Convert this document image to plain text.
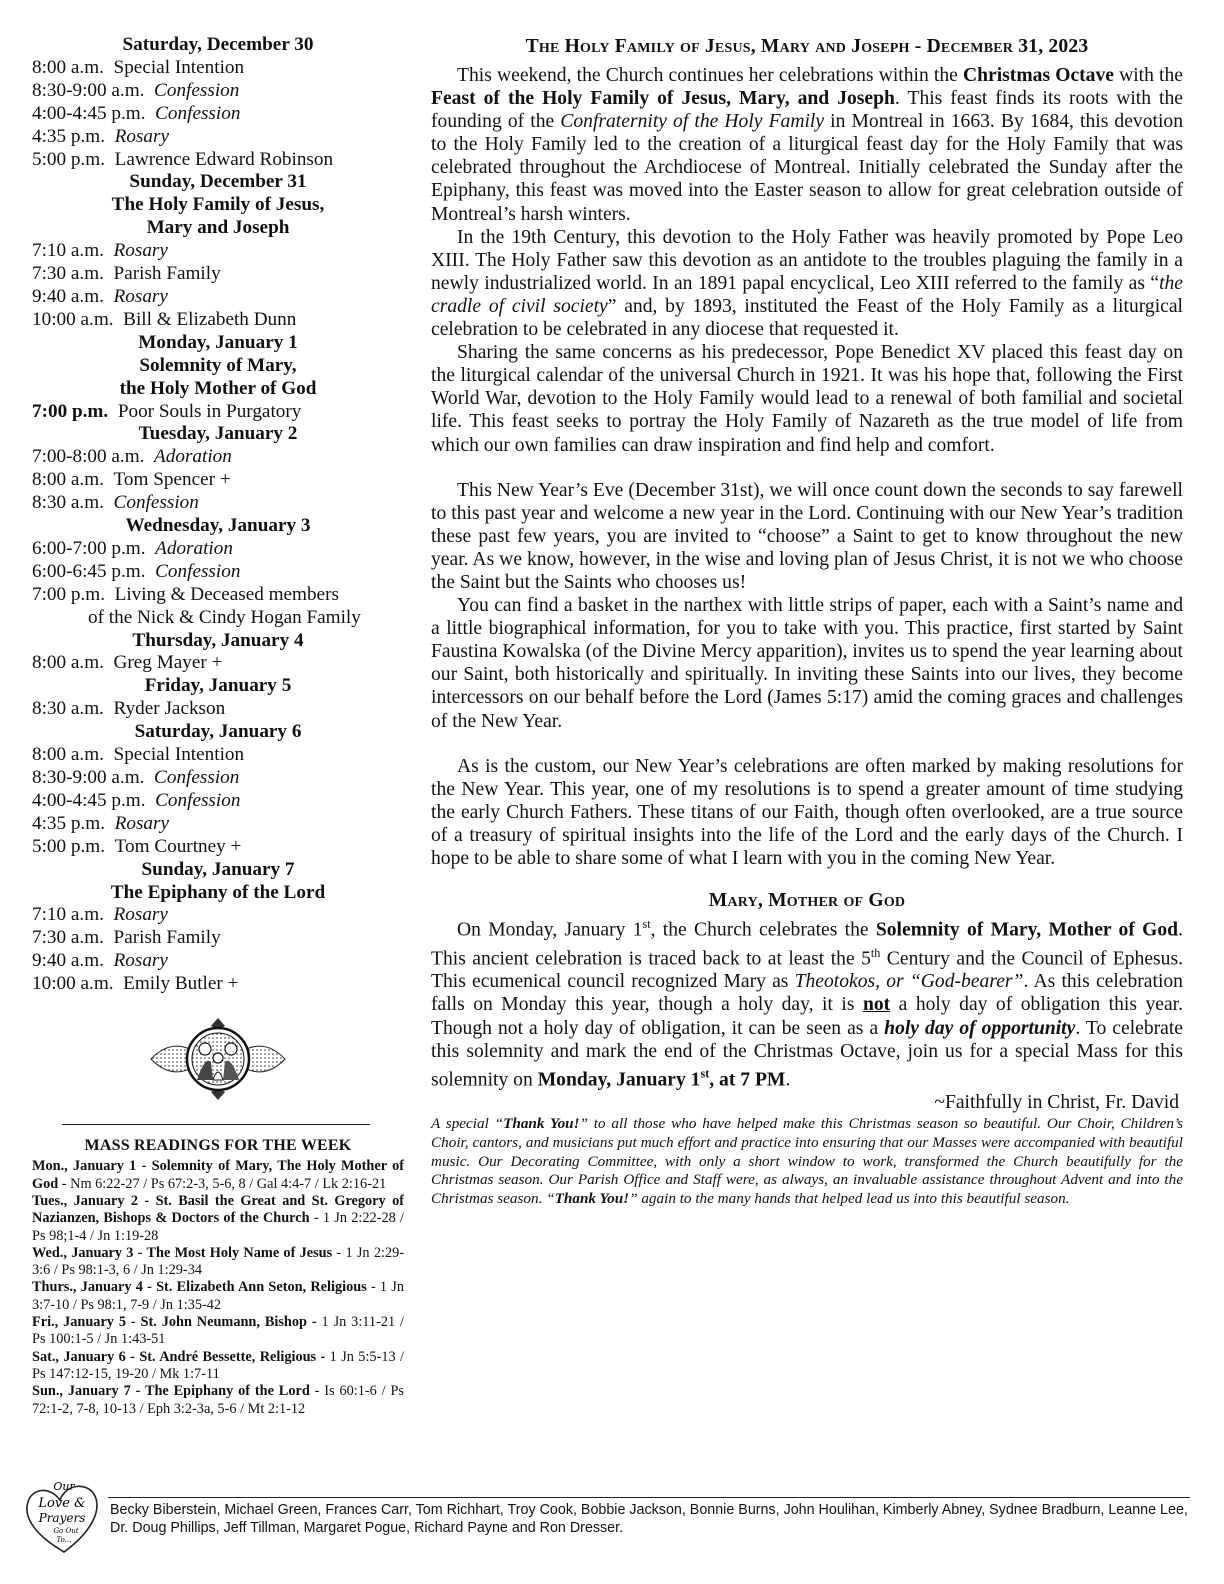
Saturday, December 30
8:00 a.m. Special Intention
8:30-9:00 a.m. Confession
4:00-4:45 p.m. Confession
4:35 p.m. Rosary
5:00 p.m. Lawrence Edward Robinson
Sunday, December 31
The Holy Family of Jesus,
Mary and Joseph
7:10 a.m. Rosary
7:30 a.m. Parish Family
9:40 a.m. Rosary
10:00 a.m. Bill & Elizabeth Dunn
Monday, January 1
Solemnity of Mary,
the Holy Mother of God
7:00 p.m. Poor Souls in Purgatory
Tuesday, January 2
7:00-8:00 a.m. Adoration
8:00 a.m. Tom Spencer +
8:30 a.m. Confession
Wednesday, January 3
6:00-7:00 p.m. Adoration
6:00-6:45 p.m. Confession
7:00 p.m. Living & Deceased members
of the Nick & Cindy Hogan Family
Thursday, January 4
8:00 a.m. Greg Mayer +
Friday, January 5
8:30 a.m. Ryder Jackson
Saturday, January 6
8:00 a.m. Special Intention
8:30-9:00 a.m. Confession
4:00-4:45 p.m. Confession
4:35 p.m. Rosary
5:00 p.m. Tom Courtney +
Sunday, January 7
The Epiphany of the Lord
7:10 a.m. Rosary
7:30 a.m. Parish Family
9:40 a.m. Rosary
10:00 a.m. Emily Butler +
MASS READINGS FOR THE WEEK

Mon., January 1 - Solemnity of Mary, The Holy Mother of God - Nm 6:22-27 / Ps 67:2-3, 5-6, 8 / Gal 4:4-7 / Lk 2:16-21

Tues., January 2 - St. Basil the Great and St. Gregory of Nazianzen, Bishops & Doctors of the Church - 1 Jn 2:22-28 / Ps 98;1-4 / Jn 1:19-28

Wed., January 3 - The Most Holy Name of Jesus - 1 Jn 2:29-3:6 / Ps 98:1-3, 6 / Jn 1:29-34

Thurs., January 4 - St. Elizabeth Ann Seton, Religious - 1 Jn 3:7-10 / Ps 98:1, 7-9 / Jn 1:35-42

Fri., January 5 - St. John Neumann, Bishop - 1 Jn 3:11-21 / Ps 100:1-5 / Jn 1:43-51

Sat., January 6 - St. André Bessette, Religious - 1 Jn 5:5-13 / Ps 147:12-15, 19-20 / Mk 1:7-11

Sun., January 7 - The Epiphany of the Lord - Is 60:1-6 / Ps 72:1-2, 7-8, 10-13 / Eph 3:2-3a, 5-6 / Mt 2:1-12

The Holy Family of Jesus, Mary and Joseph - December 31, 2023

This weekend, the Church continues her celebrations within the Christmas Octave with the Feast of the Holy Family of Jesus, Mary, and Joseph. This feast finds its roots with the founding of the Confraternity of the Holy Family in Montreal in 1663. By 1684, this devotion to the Holy Family led to the creation of a liturgical feast day for the Holy Family that was celebrated throughout the Archdiocese of Montreal. Initially celebrated the Sunday after the Epiphany, this feast was moved into the Easter season to allow for great celebration outside of Montreal’s harsh winters.

In the 19th Century, this devotion to the Holy Father was heavily promoted by Pope Leo XIII. The Holy Father saw this devotion as an antidote to the troubles plaguing the family in a newly industrialized world. In an 1891 papal encyclical, Leo XIII referred to the family as “the cradle of civil society” and, by 1893, instituted the Feast of the Holy Family as a liturgical celebration to be celebrated in any diocese that requested it.

Sharing the same concerns as his predecessor, Pope Benedict XV placed this feast day on the liturgical calendar of the universal Church in 1921. It was his hope that, following the First World War, devotion to the Holy Family would lead to a renewal of both familial and societal life. This feast seeks to portray the Holy Family of Nazareth as the true model of life from which our own families can draw inspiration and find help and comfort.

This New Year’s Eve (December 31st), we will once count down the seconds to say farewell to this past year and welcome a new year in the Lord. Continuing with our New Year’s tradition these past few years, you are invited to “choose” a Saint to get to know throughout the new year. As we know, however, in the wise and loving plan of Jesus Christ, it is not we who choose the Saint but the Saints who chooses us!

You can find a basket in the narthex with little strips of paper, each with a Saint’s name and a little biographical information, for you to take with you. This practice, first started by Saint Faustina Kowalska (of the Divine Mercy apparition), invites us to spend the year learning about our Saint, both historically and spiritually. In inviting these Saints into our lives, they become intercessors on our behalf before the Lord (James 5:17) amid the coming graces and challenges of the New Year.

As is the custom, our New Year’s celebrations are often marked by making resolutions for the New Year. This year, one of my resolutions is to spend a greater amount of time studying the early Church Fathers. These titans of our Faith, though often overlooked, are a true source of a treasury of spiritual insights into the life of the Lord and the early days of the Church. I hope to be able to share some of what I learn with you in the coming New Year.

Mary, Mother of God

On Monday, January 1st, the Church celebrates the Solemnity of Mary, Mother of God. This ancient celebration is traced back to at least the 5th Century and the Council of Ephesus. This ecumenical council recognized Mary as Theotokos, or “God-bearer”. As this celebration falls on Monday this year, though a holy day, it is not a holy day of obligation this year. Though not a holy day of obligation, it can be seen as a holy day of opportunity. To celebrate this solemnity and mark the end of the Christmas Octave, join us for a special Mass for this solemnity on Monday, January 1st, at 7 PM.

~Faithfully in Christ, Fr. David
A special “Thank You!” to all those who have helped make this Christmas season so beautiful. Our Choir, Children’s Choir, cantors, and musicians put much effort and practice into ensuring that our Masses were accompanied with beautiful music. Our Decorating Committee, with only a short window to work, transformed the Church beautifully for the Christmas season. Our Parish Office and Staff were, as always, an invaluable assistance throughout Advent and into the Christmas season. “Thank You!” again to the many hands that helped lead us into this beautiful season.
Our
Love &
Prayers
Go Out
To...
Becky Biberstein, Michael Green, Frances Carr, Tom Richhart, Troy Cook, Bobbie Jackson, Bonnie Burns, John Houlihan, Kimberly Abney, Sydnee Bradburn, Leanne Lee, Dr. Doug Phillips, Jeff Tillman, Margaret Pogue, Richard Payne and Ron Dresser.
